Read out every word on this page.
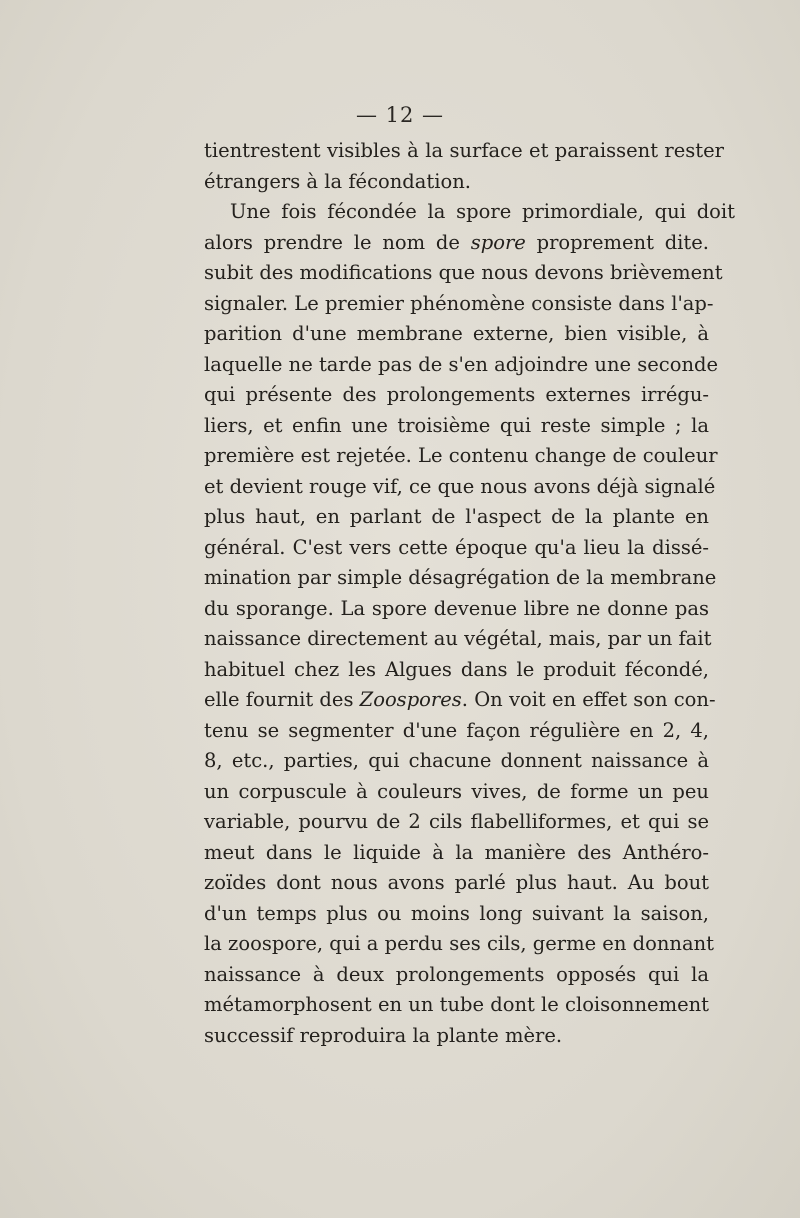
— 12 —
tientrestent visibles à la surface et paraissent rester
étrangers à la fécondation.
Une fois fécondée la spore primordiale, qui doit
alors prendre le nom de spore proprement dite.
subit des modifications que nous devons brièvement
signaler. Le premier phénomène consiste dans l'ap-
parition d'une membrane externe, bien visible, à
laquelle ne tarde pas de s'en adjoindre une seconde
qui présente des prolongements externes irrégu-
liers, et enfin une troisième qui reste simple ; la
première est rejetée. Le contenu change de couleur
et devient rouge vif, ce que nous avons déjà signalé
plus haut, en parlant de l'aspect de la plante en
général. C'est vers cette époque qu'a lieu la dissé-
mination par simple désagrégation de la membrane
du sporange. La spore devenue libre ne donne pas
naissance directement au végétal, mais, par un fait
habituel chez les Algues dans le produit fécondé,
elle fournit des Zoospores. On voit en effet son con-
tenu se segmenter d'une façon régulière en 2, 4,
8, etc., parties, qui chacune donnent naissance à
un corpuscule à couleurs vives, de forme un peu
variable, pourvu de 2 cils flabelliformes, et qui se
meut dans le liquide à la manière des Anthéro-
zoïdes dont nous avons parlé plus haut. Au bout
d'un temps plus ou moins long suivant la saison,
la zoospore, qui a perdu ses cils, germe en donnant
naissance à deux prolongements opposés qui la
métamorphosent en un tube dont le cloisonnement
successif reproduira la plante mère.
